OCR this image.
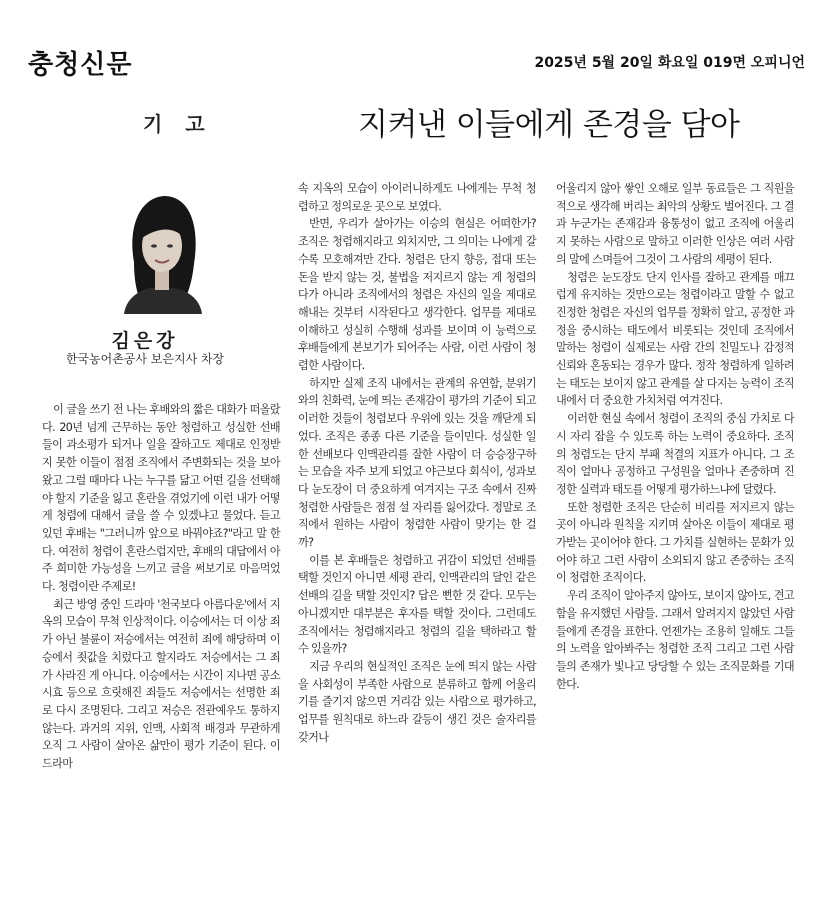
충청신문	2025년 5월 20일 화요일 019면 오피니언
기 고	지켜낸 이들에게 존경을 담아
김은강
한국농어촌공사 보은지사 차장

이 글을 쓰기 전 나는 후배와의 짧은 대화가 떠올랐다. 20년 넘게 근무하는 동안 청렴하고 성실한 선배들이 과소평가 되거나 일을 잘하고도 제대로 인정받지 못한 이들이 점점 조직에서 주변화되는 것을 보아왔고 그럴 때마다 나는 누구를 닮고 어떤 길을 선택해야 할지 기준을 잃고 혼란을 겪었기에 이런 내가 어떻게 청렴에 대해서 글을 쓸 수 있겠냐고 물었다. 듣고 있던 후배는 "그러니까 앞으로 바꿔야죠?"라고 말 한다. 여전히 청렴이 혼란스럽지만, 후배의 대답에서 아주 희미한 가능성을 느끼고 글을 써보기로 마음먹었다. 청렴이란 주제로!

최근 방영 중인 드라마 '천국보다 아름다운'에서 지옥의 모습이 무척 인상적이다. 이승에서는 더 이상 죄가 아닌 불륜이 저승에서는 여전히 죄에 해당하며 이승에서 죗값을 치렀다고 할지라도 저승에서는 그 죄가 사라진 게 아니다. 이승에서는 시간이 지나면 공소시효 등으로 흐릿해진 죄들도 저승에서는 선명한 죄로 다시 조명된다. 그리고 저승은 전관예우도 통하지 않는다. 과거의 지위, 인맥, 사회적 배경과 무관하게 오직 그 사람이 살아온 삶만이 평가 기준이 된다. 이 드라마

속 지옥의 모습이 아이러니하게도 나에게는 무척 청렴하고 정의로운 곳으로 보였다.

반면, 우리가 살아가는 이승의 현실은 어떠한가? 조직은 청렴해지라고 외치지만, 그 의미는 나에게 갈수록 모호해져만 간다. 청렴은 단지 향응, 접대 또는 돈을 받지 않는 것, 불법을 저지르지 않는 게 청렴의 다가 아니라 조직에서의 청렴은 자신의 일을 제대로 해내는 것부터 시작된다고 생각한다. 업무를 제대로 이해하고 성실히 수행해 성과를 보이며 이 능력으로 후배들에게 본보기가 되어주는 사람, 이런 사람이 청렴한 사람이다.

하지만 실제 조직 내에서는 관계의 유연함, 분위기와의 친화력, 눈에 띄는 존재감이 평가의 기준이 되고 이러한 것들이 청렴보다 우위에 있는 것을 깨닫게 되었다. 조직은 종종 다른 기준을 들이민다. 성실한 일한 선배보다 인맥관리를 잘한 사람이 더 승승장구하는 모습을 자주 보게 되었고 야근보다 회식이, 성과보다 눈도장이 더 중요하게 여겨지는 구조 속에서 진짜 청렴한 사람들은 점점 설 자리를 잃어갔다. 정말로 조직에서 원하는 사람이 청렴한 사람이 맞기는 한 걸까?

이를 본 후배들은 청렴하고 귀감이 되었던 선배를 택할 것인지 아니면 세평 관리, 인맥관리의 달인 같은 선배의 길을 택할 것인지? 답은 뻔한 것 같다. 모두는 아니겠지만 대부분은 후자를 택할 것이다. 그런데도 조직에서는 청렴해지라고 청렴의 길을 택하라고 할 수 있을까?

지금 우리의 현실적인 조직은 눈에 띄지 않는 사람을 사회성이 부족한 사람으로 분류하고 함께 어울리기를 즐기지 않으면 거리감 있는 사람으로 평가하고, 업무를 원칙대로 하느라 갈등이 생긴 것은 술자리를 갖거나

어울리지 않아 쌓인 오해로 일부 동료들은 그 직원을 적으로 생각해 버리는 최악의 상황도 벌어진다. 그 결과 누군가는 존재감과 융통성이 없고 조직에 어울리지 못하는 사람으로 말하고 이러한 인상은 여러 사람의 말에 스며들어 그것이 그 사람의 세평이 된다.

청렴은 눈도장도 단지 인사를 잘하고 관계를 매끄럽게 유지하는 것만으로는 청렴이라고 말할 수 없고 진정한 청렴은 자신의 업무를 정확히 알고, 공정한 과정을 중시하는 태도에서 비롯되는 것인데 조직에서 말하는 청렴이 실제로는 사람 간의 친밀도나 감정적 신뢰와 혼동되는 경우가 많다. 정작 청렴하게 일하려는 태도는 보이지 않고 관계를 살 다지는 능력이 조직 내에서 더 중요한 가치처럼 여겨진다.

이러한 현실 속에서 청렴이 조직의 중심 가치로 다시 자리 잡을 수 있도록 하는 노력이 중요하다. 조직의 청렴도는 단지 부패 척결의 지표가 아니다. 그 조직이 얼마나 공정하고 구성원을 얼마나 존중하며 진정한 실력과 태도를 어떻게 평가하느냐에 달렸다.

또한 청렴한 조직은 단순히 비리를 저지르지 않는 곳이 아니라 원칙을 지키며 살아온 이들이 제대로 평가받는 곳이어야 한다. 그 가치를 실현하는 문화가 있어야 하고 그런 사람이 소외되지 않고 존중하는 조직이 청렴한 조직이다.

우리 조직이 알아주지 않아도, 보이지 않아도, 견고함을 유지했던 사람들. 그래서 알려지지 않았던 사람들에게 존경을 표한다. 언젠가는 조용히 일해도 그들의 노력을 알아봐주는 청렴한 조직 그리고 그런 사람들의 존재가 빛나고 당당할 수 있는 조직문화를 기대한다.
